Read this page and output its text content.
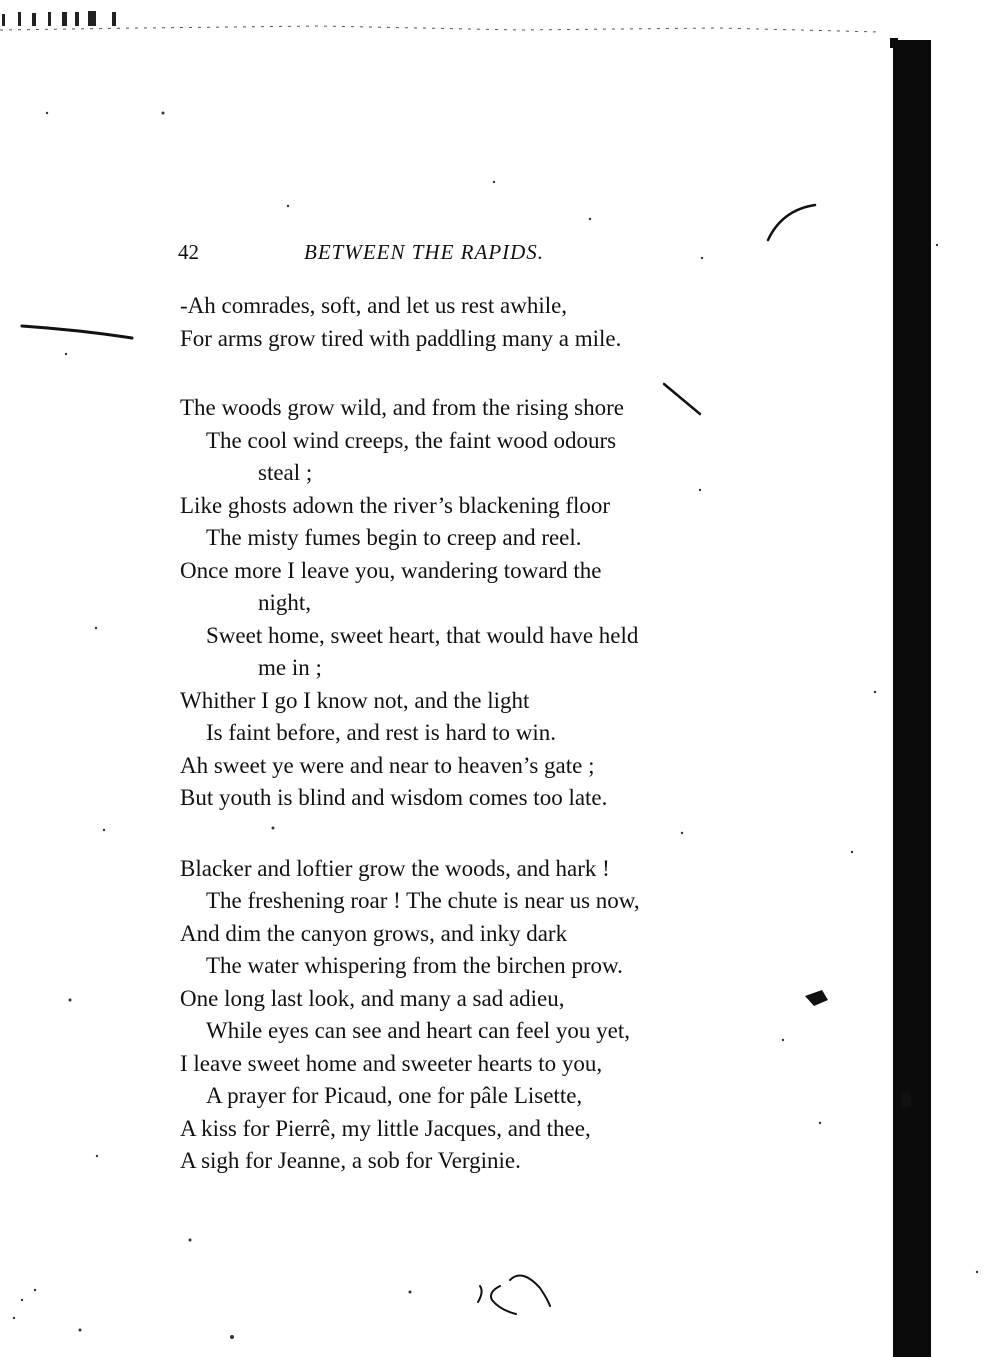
42	BETWEEN THE RAPIDS.
-Ah comrades, soft, and let us rest awhile,
For arms grow tired with paddling many a mile.
The woods grow wild, and from the rising shore
The cool wind creeps, the faint wood odours
steal ;
Like ghosts adown the river’s blackening floor
The misty fumes begin to creep and reel.
Once more I leave you, wandering toward the
night,
Sweet home, sweet heart, that would have held
me in ;
Whither I go I know not, and the light
Is faint before, and rest is hard to win.
Ah sweet ye were and near to heaven’s gate ;
But youth is blind and wisdom comes too late.
Blacker and loftier grow the woods, and hark !
The freshening roar ! The chute is near us now,
And dim the canyon grows, and inky dark
The water whispering from the birchen prow.
One long last look, and many a sad adieu,
While eyes can see and heart can feel you yet,
I leave sweet home and sweeter hearts to you,
A prayer for Picaud, one for pâle Lisette,
A kiss for Pierrê, my little Jacques, and thee,
A sigh for Jeanne, a sob for Verginie.
